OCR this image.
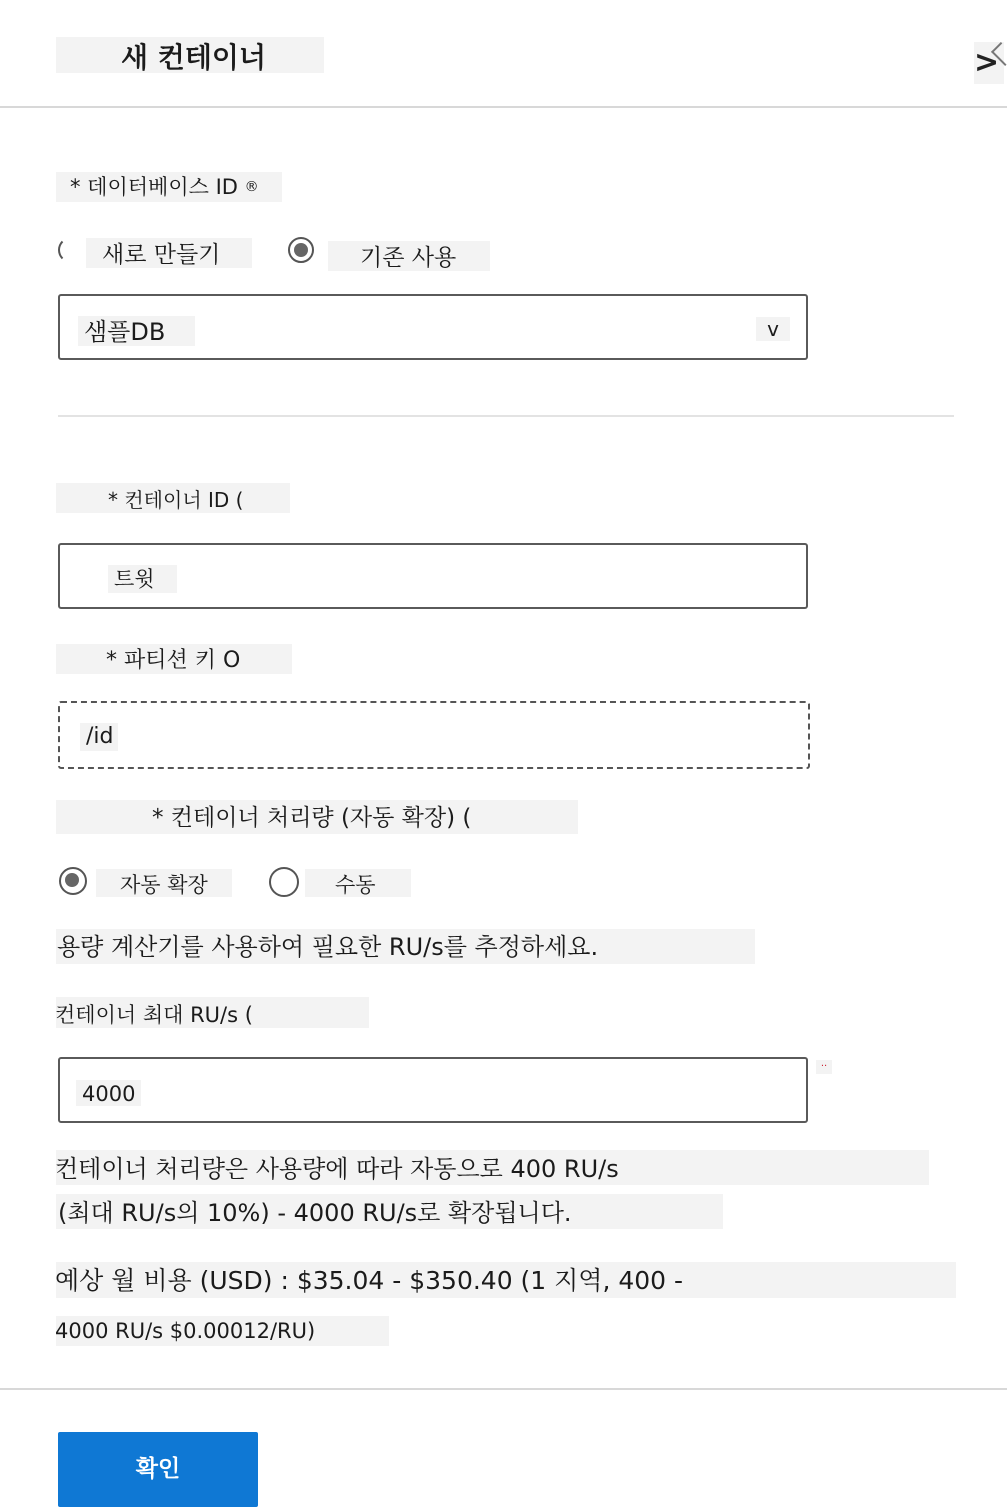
새 컨테이너	>
* 데이터베이스 ID ®
새로 만들기	기존 사용
샘플DB	v
* 컨테이너 ID (
트윗
* 파티션 키 O
/id
* 컨테이너 처리량 (자동 확장) (
자동 확장	수동
용량 계산기를 사용하여 필요한 RU/s를 추정하세요.
컨테이너 최대 RU/s (
4000
··
컨테이너 처리량은 사용량에 따라 자동으로 400 RU/s
(최대 RU/s의 10%) - 4000 RU/s로 확장됩니다.
예상 월 비용 (USD) : $35.04 - $350.40 (1 지역, 400 -
4000 RU/s $0.00012/RU)
확인
